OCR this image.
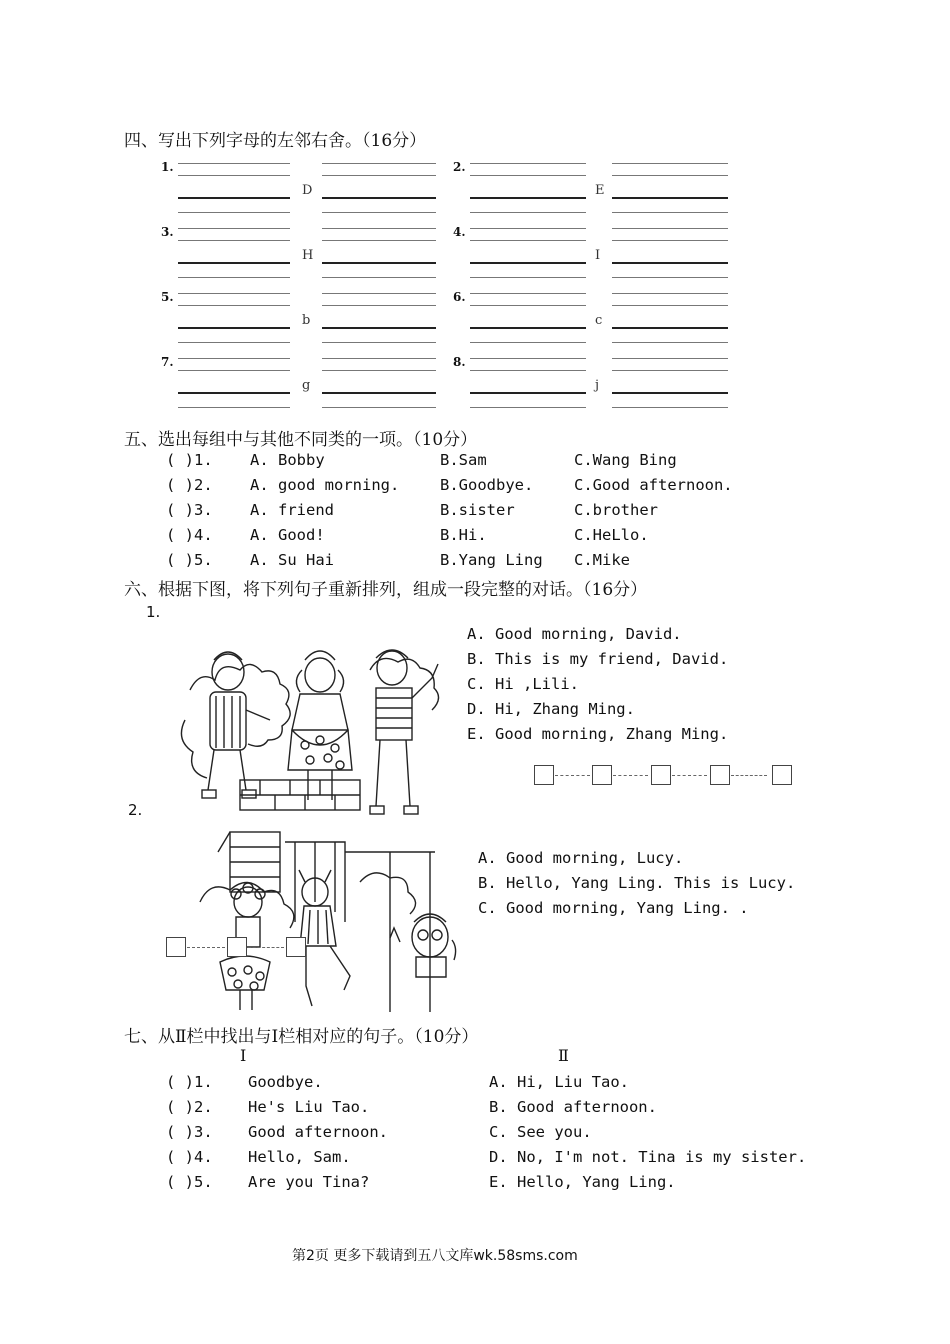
四、写出下列字母的左邻右舍。（16分）
1.
D
2.
E
3.
H
4.
I
5.
b
6.
c
7.
g
8.
j
五、选出每组中与其他不同类的一项。（10分）
( )1. A. Bobby	B.Sam	C.Wang Bing
( )2. A. good morning.	B.Goodbye.	C.Good afternoon.
( )3. A. friend	B.sister	C.brother
( )4. A. Good!	B.Hi.	C.HeLlo.
( )5. A. Su Hai	B.Yang Ling C.Mike
六、根据下图，将下列句子重新排列，组成一段完整的对话。（16分）
1.
A. Good morning, David.
B. This is my friend, David.
C. Hi ,Lili.
D. Hi, Zhang Ming.
E. Good morning, Zhang Ming.
2.
A. Good morning, Lucy.
B. Hello, Yang Ling. This is Lucy.
C. Good morning, Yang Ling. .
七、从Ⅱ栏中找出与Ⅰ栏相对应的句子。（10分）
Ⅰ	Ⅱ
( )1. Goodbye.	A. Hi, Liu Tao.
( )2. He's Liu Tao.	B. Good afternoon.
( )3. Good afternoon.	C. See you.
( )4. Hello, Sam.	D. No, I'm not. Tina is my sister.
( )5. Are you Tina?	E. Hello, Yang Ling.
第2页 更多下载请到五八文库wk.58sms.com
